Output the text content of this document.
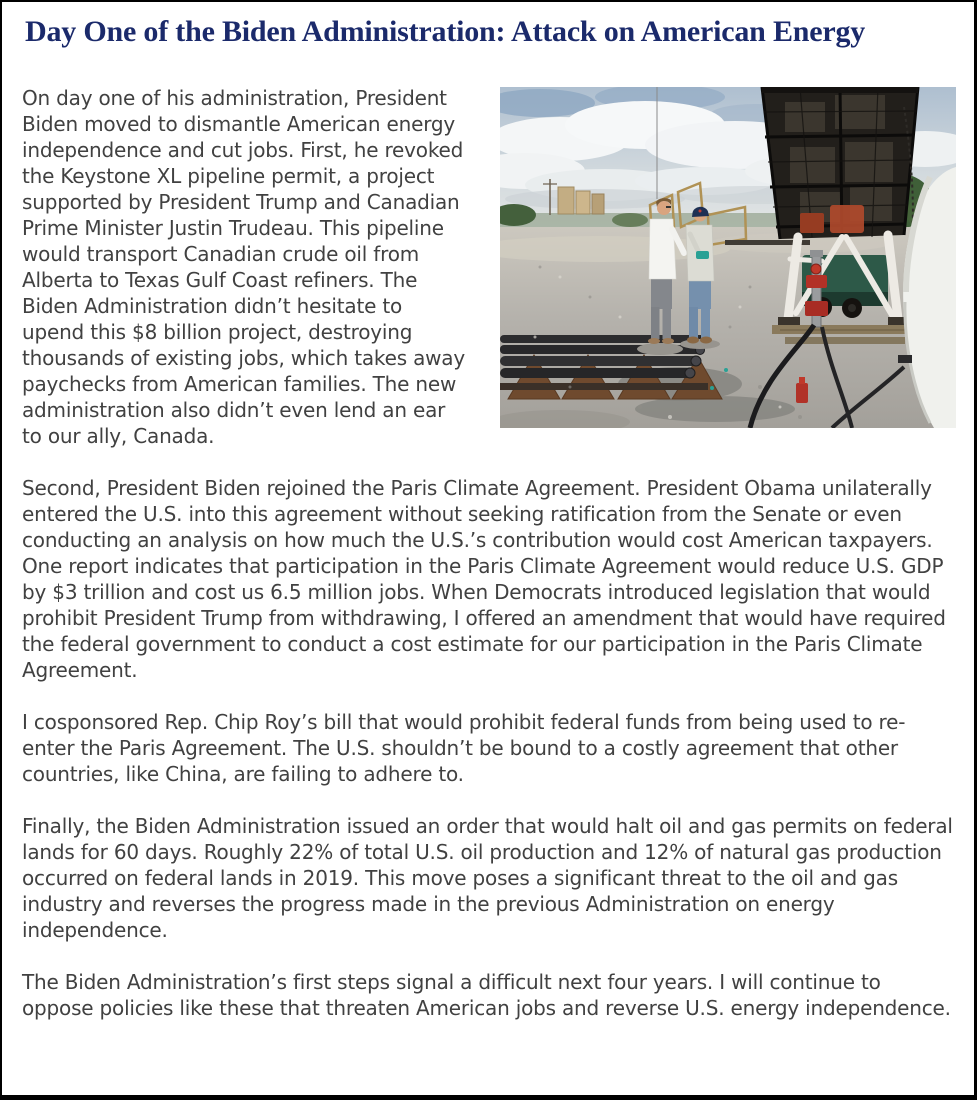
Day One of the Biden Administration: Attack on American Energy

On day one of his administration, President Biden moved to dismantle American energy independence and cut jobs. First, he revoked the Keystone XL pipeline permit, a project supported by President Trump and Canadian Prime Minister Justin Trudeau. This pipeline would transport Canadian crude oil from Alberta to Texas Gulf Coast refiners. The Biden Administration didn’t hesitate to upend this $8 billion project, destroying thousands of existing jobs, which takes away paychecks from American families. The new administration also didn’t even lend an ear to our ally, Canada.

Second, President Biden rejoined the Paris Climate Agreement. President Obama unilaterally entered the U.S. into this agreement without seeking ratification from the Senate or even conducting an analysis on how much the U.S.’s contribution would cost American taxpayers. One report indicates that participation in the Paris Climate Agreement would reduce U.S. GDP by $3 trillion and cost us 6.5 million jobs. When Democrats introduced legislation that would prohibit President Trump from withdrawing, I offered an amendment that would have required the federal government to conduct a cost estimate for our participation in the Paris Climate Agreement.

I cosponsored Rep. Chip Roy’s bill that would prohibit federal funds from being used to re-enter the Paris Agreement. The U.S. shouldn’t be bound to a costly agreement that other countries, like China, are failing to adhere to.

Finally, the Biden Administration issued an order that would halt oil and gas permits on federal lands for 60 days. Roughly 22% of total U.S. oil production and 12% of natural gas production occurred on federal lands in 2019. This move poses a significant threat to the oil and gas industry and reverses the progress made in the previous Administration on energy independence.

The Biden Administration’s first steps signal a difficult next four years. I will continue to oppose policies like these that threaten American jobs and reverse U.S. energy independence.
